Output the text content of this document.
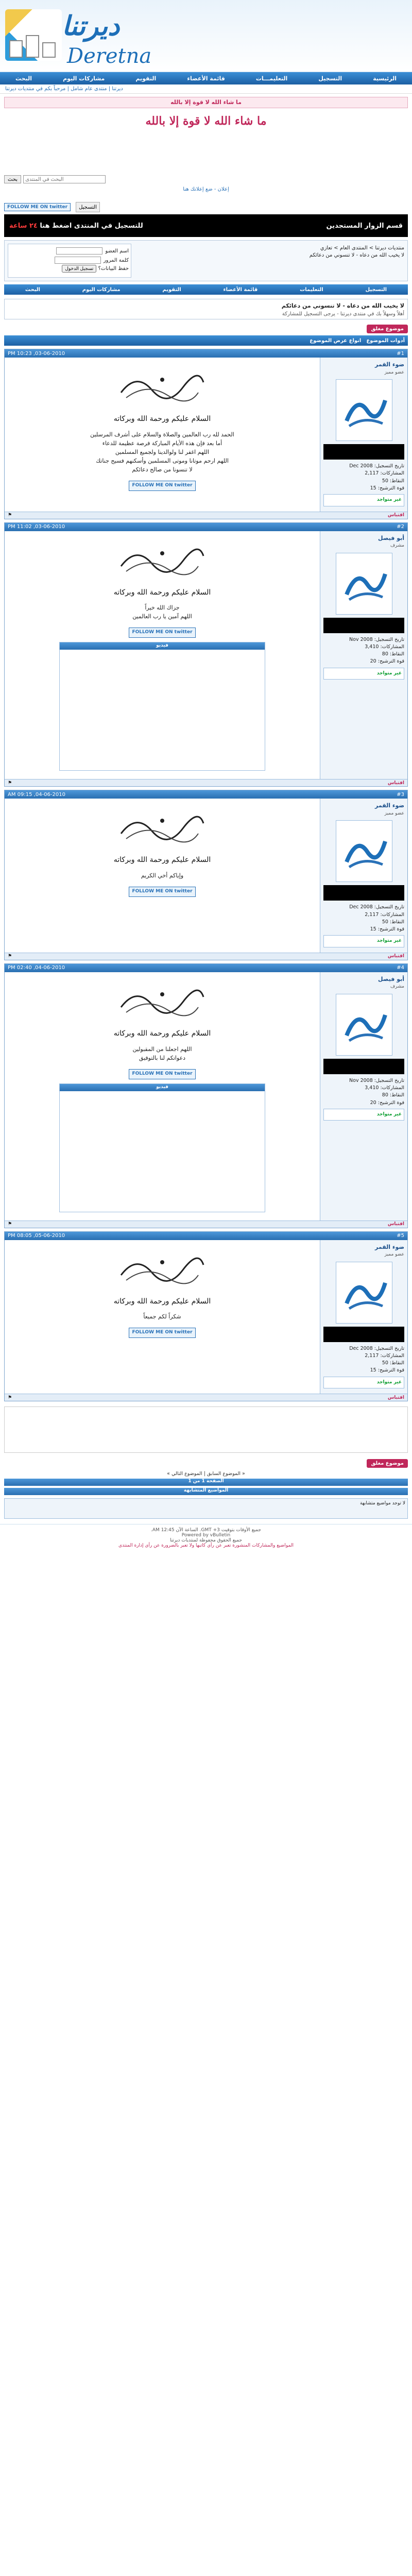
ديرتنا
Deretna
الرئيسية
التسجيل
التعليمـــات
قائمة الأعضاء
التقويم
مشاركات اليوم
البحث
ديرتنا | منتدى عام شامل | مرحباً بكم في منتديات ديرتنا
ما شاء الله لا قوة إلا بالله
ما شاء الله لا قوة إلا بالله
بحث
البحث في المنتدى
إعلان - ضع إعلانك هنا
FOLLOW ME ON twitter	التسجيل
قسم الزوار المستجدين
للتسجيل في المنتدى اضغط هنا ٢٤ ساعة
منتديات ديرتنا > المنتدى العام > تعازي
لا يخيب الله من دعاه - لا تنسوني من دعائكم
اسم العضو
كلمة المرور
حفظ البيانات؟ تسجيل الدخول
التسجيل
التعليمات
قائمة الأعضاء
التقويم
مشاركات اليوم
البحث
لا يخيب الله من دعاه - لا تنسوني من دعائكم
أهلاً وسهلاً بك في منتدى ديرتنا - يرجى التسجيل للمشاركة
موضوع مغلق
أدوات الموضوع
انواع عرض الموضوع
#1
03-06-2010, 10:23 PM
ضوء القمر
عضو مميز
تاريخ التسجيل: Dec 2008
المشاركات: 2,117
النقاط: 50
قوة الترشيح: 15
غير متواجد
السلام عليكم ورحمة الله وبركاته
الحمد لله رب العالمين والصلاة والسلام على أشرف المرسلين
أما بعد فإن هذه الأيام المباركة فرصة عظيمة للدعاء
اللهم اغفر لنا ولوالدينا ولجميع المسلمين
اللهم ارحم موتانا وموتى المسلمين وأسكنهم فسيح جناتك
لا تنسونا من صالح دعائكم
FOLLOW ME ON twitter
اقتباس
⚑
#2
03-06-2010, 11:02 PM
أبو فيصل
مشرف
تاريخ التسجيل: Nov 2008
المشاركات: 3,410
النقاط: 80
قوة الترشيح: 20
غير متواجد
السلام عليكم ورحمة الله وبركاته
جزاك الله خيراً
اللهم آمين يا رب العالمين
FOLLOW ME ON twitter
فيديو
اقتباس
⚑
#3
04-06-2010, 09:15 AM
ضوء القمر
عضو مميز
تاريخ التسجيل: Dec 2008
المشاركات: 2,117
النقاط: 50
قوة الترشيح: 15
غير متواجد
السلام عليكم ورحمة الله وبركاته
وإياكم أخي الكريم
FOLLOW ME ON twitter
اقتباس
⚑
#4
04-06-2010, 02:40 PM
أبو فيصل
مشرف
تاريخ التسجيل: Nov 2008
المشاركات: 3,410
النقاط: 80
قوة الترشيح: 20
غير متواجد
السلام عليكم ورحمة الله وبركاته
اللهم اجعلنا من المقبولين
دعواتكم لنا بالتوفيق
FOLLOW ME ON twitter
فيديو
اقتباس
⚑
#5
05-06-2010, 08:05 PM
ضوء القمر
عضو مميز
تاريخ التسجيل: Dec 2008
المشاركات: 2,117
النقاط: 50
قوة الترشيح: 15
غير متواجد
السلام عليكم ورحمة الله وبركاته
شكراً لكم جميعاً
FOLLOW ME ON twitter
اقتباس
⚑
موضوع مغلق
« الموضوع السابق | الموضوع التالي »
الصفحة 1 من 1
المواضيع المتشابهة
لا توجد مواضيع متشابهة
جميع الأوقات بتوقيت GMT +3. الساعة الآن 12:45 AM.
Powered by vBulletin
جميع الحقوق محفوظة لمنتديات ديرتنا
المواضيع والمشاركات المنشورة تعبر عن رأي كاتبها ولا تعبر بالضرورة عن رأي إدارة المنتدى
